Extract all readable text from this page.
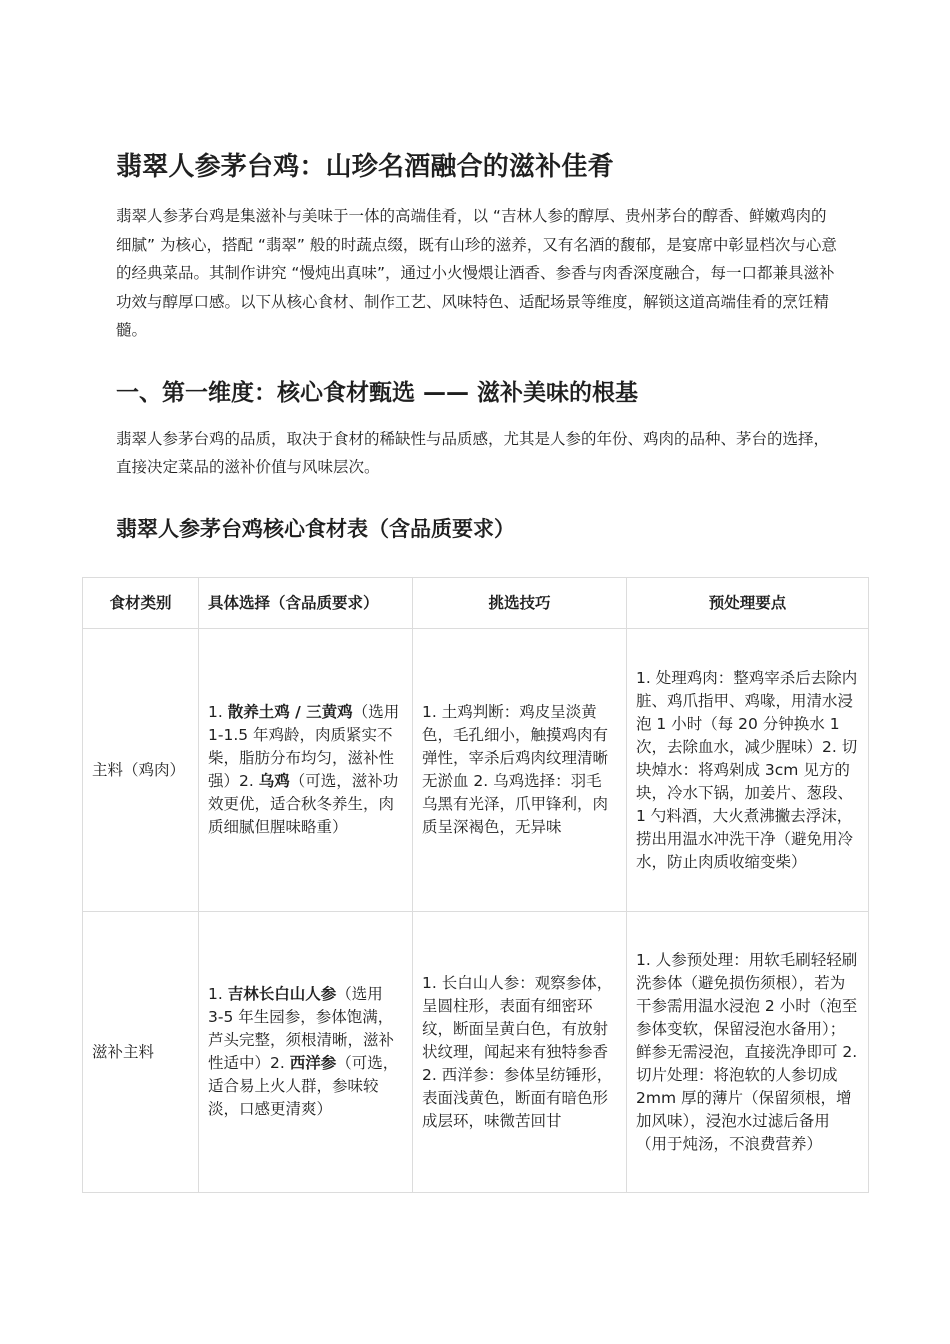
翡翠人参茅台鸡：山珍名酒融合的滋补佳肴

翡翠人参茅台鸡是集滋补与美味于一体的高端佳肴，以 “吉林人参的醇厚、贵州茅台的醇香、鲜嫩鸡肉的细腻” 为核心，搭配 “翡翠” 般的时蔬点缀，既有山珍的滋养，又有名酒的馥郁，是宴席中彰显档次与心意的经典菜品。其制作讲究 “慢炖出真味”，通过小火慢煨让酒香、参香与肉香深度融合，每一口都兼具滋补功效与醇厚口感。以下从核心食材、制作工艺、风味特色、适配场景等维度，解锁这道高端佳肴的烹饪精髓。

一、第一维度：核心食材甄选 —— 滋补美味的根基

翡翠人参茅台鸡的品质，取决于食材的稀缺性与品质感，尤其是人参的年份、鸡肉的品种、茅台的选择，直接决定菜品的滋补价值与风味层次。

翡翠人参茅台鸡核心食材表（含品质要求）
食材类别	具体选择（含品质要求）	挑选技巧	预处理要点
主料（鸡肉）	1. 散养土鸡 / 三黄鸡（选用 1-1.5 年鸡龄，肉质紧实不柴，脂肪分布均匀，滋补性强）2. 乌鸡（可选，滋补功效更优，适合秋冬养生，肉质细腻但腥味略重）	1. 土鸡判断：鸡皮呈淡黄色，毛孔细小，触摸鸡肉有弹性，宰杀后鸡肉纹理清晰无淤血 2. 乌鸡选择：羽毛乌黑有光泽，爪甲锋利，肉质呈深褐色，无异味	1. 处理鸡肉：整鸡宰杀后去除内脏、鸡爪指甲、鸡喙，用清水浸泡 1 小时（每 20 分钟换水 1 次，去除血水，减少腥味）2. 切块焯水：将鸡剁成 3cm 见方的块，冷水下锅，加姜片、葱段、1 勺料酒，大火煮沸撇去浮沫，捞出用温水冲洗干净（避免用冷水，防止肉质收缩变柴）
滋补主料	1. 吉林长白山人参（选用 3-5 年生园参，参体饱满，芦头完整，须根清晰，滋补性适中）2. 西洋参（可选，适合易上火人群，参味较淡，口感更清爽）	1. 长白山人参：观察参体，呈圆柱形，表面有细密环纹，断面呈黄白色，有放射状纹理，闻起来有独特参香 2. 西洋参：参体呈纺锤形，表面浅黄色，断面有暗色形成层环，味微苦回甘	1. 人参预处理：用软毛刷轻轻刷洗参体（避免损伤须根），若为干参需用温水浸泡 2 小时（泡至参体变软，保留浸泡水备用）；鲜参无需浸泡，直接洗净即可 2. 切片处理：将泡软的人参切成 2mm 厚的薄片（保留须根，增加风味），浸泡水过滤后备用（用于炖汤，不浪费营养）
